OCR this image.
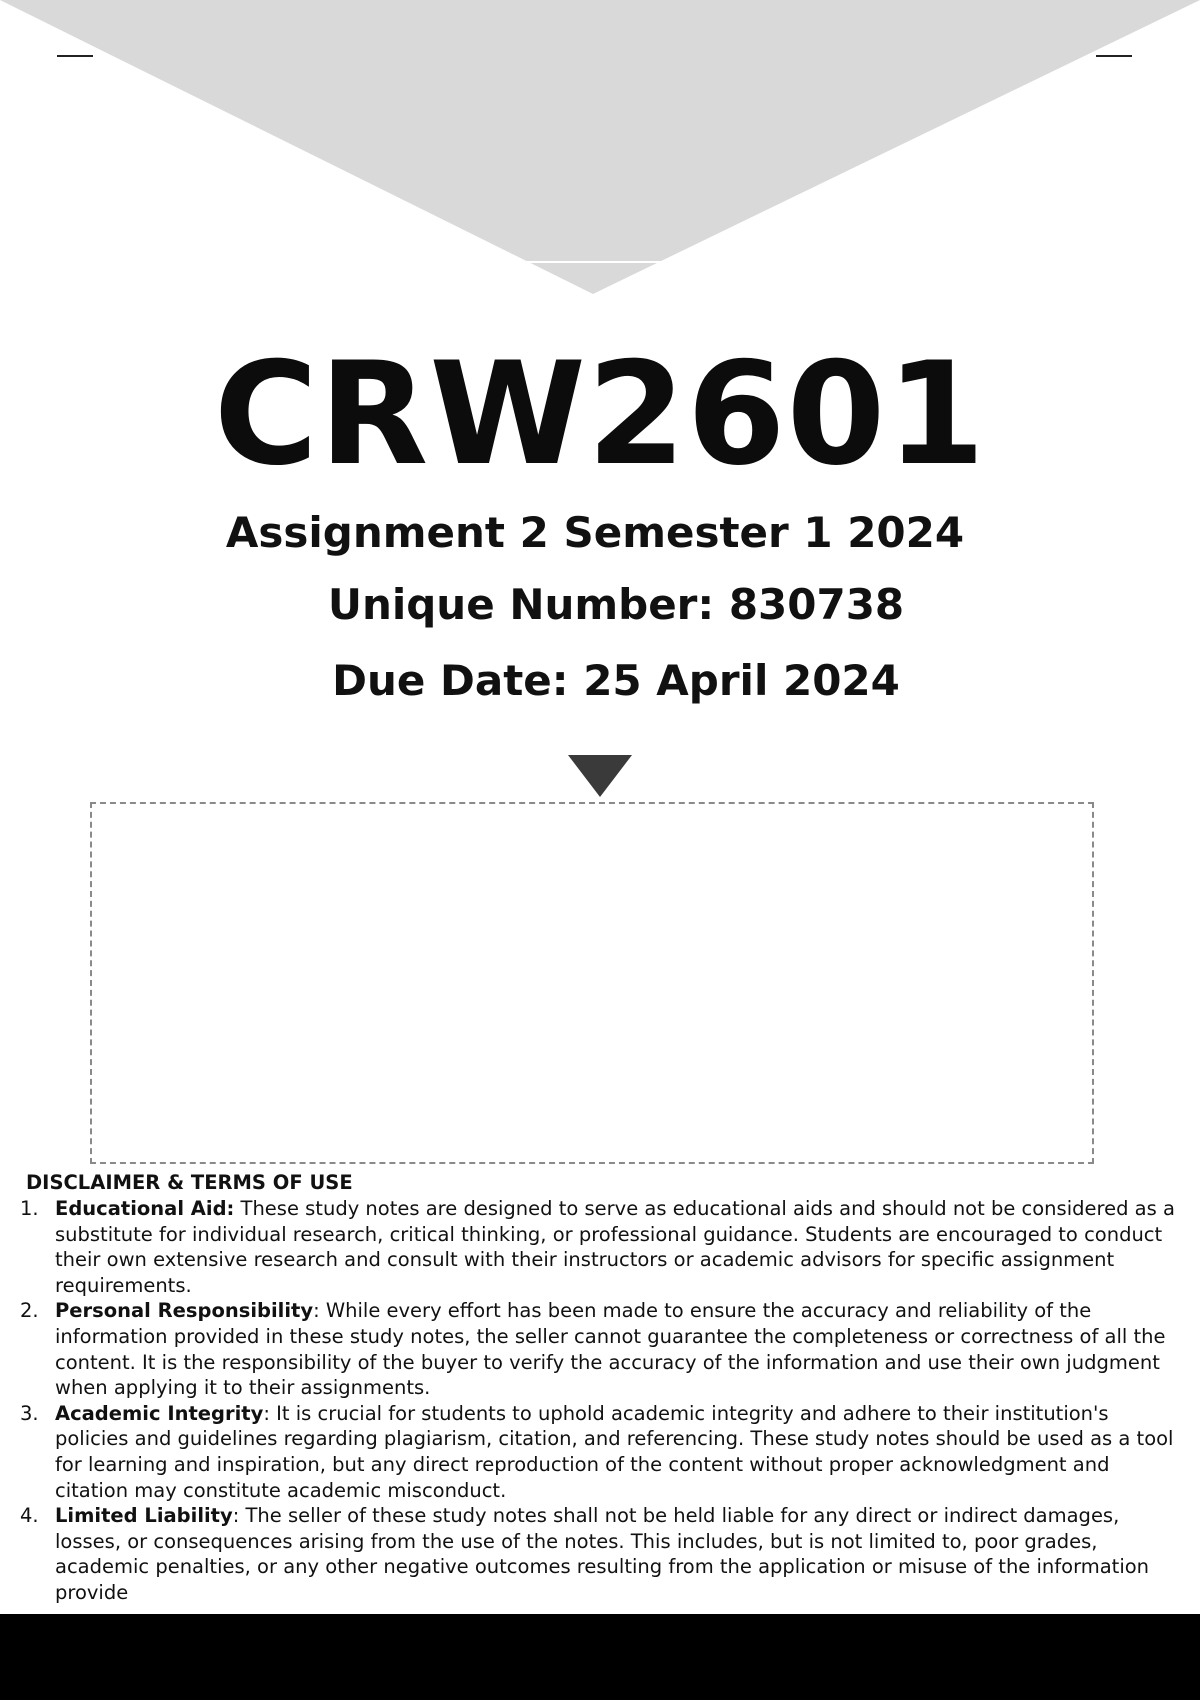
CRW2601
Assignment 2 Semester 1 2024
Unique Number: 830738
Due Date: 25 April 2024
DISCLAIMER & TERMS OF USE
1. Educational Aid: These study notes are designed to serve as educational aids and should not be considered as a substitute for individual research, critical thinking, or professional guidance. Students are encouraged to conduct their own extensive research and consult with their instructors or academic advisors for specific assignment requirements.
2. Personal Responsibility: While every effort has been made to ensure the accuracy and reliability of the information provided in these study notes, the seller cannot guarantee the completeness or correctness of all the content. It is the responsibility of the buyer to verify the accuracy of the information and use their own judgment when applying it to their assignments.
3. Academic Integrity: It is crucial for students to uphold academic integrity and adhere to their institution's policies and guidelines regarding plagiarism, citation, and referencing. These study notes should be used as a tool for learning and inspiration, but any direct reproduction of the content without proper acknowledgment and citation may constitute academic misconduct.
4. Limited Liability: The seller of these study notes shall not be held liable for any direct or indirect damages, losses, or consequences arising from the use of the notes. This includes, but is not limited to, poor grades, academic penalties, or any other negative outcomes resulting from the application or misuse of the information provide
